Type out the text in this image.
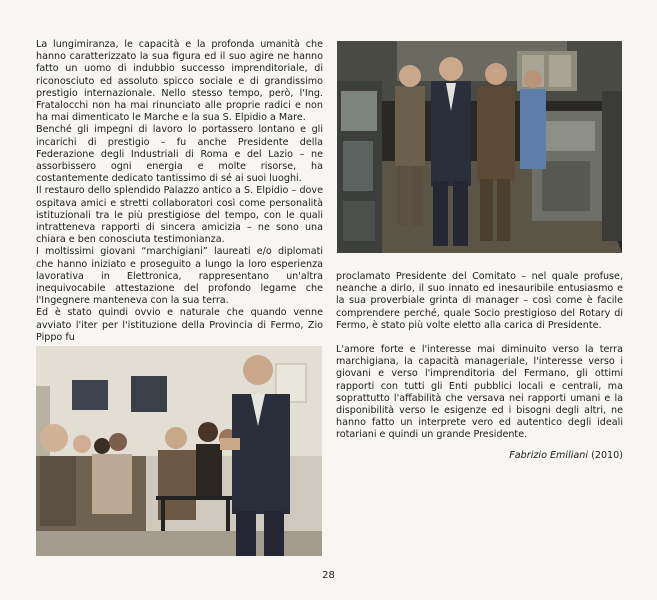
La lungimiranza, le capacità e la profonda umanità che hanno caratterizzato la sua figura ed il suo agire ne hanno fatto un uomo di indubbio successo imprenditoriale, di riconosciuto ed assoluto spicco sociale e di grandissimo prestigio internazionale. Nello stesso tempo, però, l'Ing. Fratalocchi non ha mai rinunciato alle proprie radici e non ha mai dimenticato le Marche e la sua S. Elpidio a Mare.

Benché gli impegni di lavoro lo portassero lontano e gli incarichi di prestigio – fu anche Presidente della Federazione degli Industriali di Roma e del Lazio – ne assorbissero ogni energia e molte risorse, ha costantemente dedicato tantissimo di sé ai suoi luoghi.

Il restauro dello splendido Palazzo antico a S. Elpidio – dove ospitava amici e stretti collaboratori così come personalità istituzionali tra le più prestigiose del tempo, con le quali intratteneva rapporti di sincera amicizia – ne sono una chiara e ben conosciuta testimonianza.

I moltissimi giovani “marchigiani” laureati e/o diplomati che hanno iniziato e proseguito a lungo la loro esperienza lavorativa in Elettronica, rappresentano un'altra inequivocabile attestazione del profondo legame che l'Ingegnere manteneva con la sua terra.

Ed è stato quindi ovvio e naturale che quando venne avviato l'iter per l'istituzione della Provincia di Fermo, Zio Pippo fu

proclamato Presidente del Comitato – nel quale profuse, neanche a dirlo, il suo innato ed inesauribile entusiasmo e la sua proverbiale grinta di manager – così come è facile comprendere perché, quale Socio prestigioso del Rotary di Fermo, è stato più volte eletto alla carica di Presidente.

L'amore forte e l'interesse mai diminuito verso la terra marchigiana, la capacità manageriale, l'interesse verso i giovani e verso l'imprenditoria del Fermano, gli ottimi rapporti con tutti gli Enti pubblici locali e centrali, ma soprattutto l'affabilità che versava nei rapporti umani e la disponibilità verso le esigenze ed i bisogni degli altri, ne hanno fatto un interprete vero ed autentico degli ideali rotariani e quindi un grande Presidente.

Fabrizio Emiliani (2010)

28
